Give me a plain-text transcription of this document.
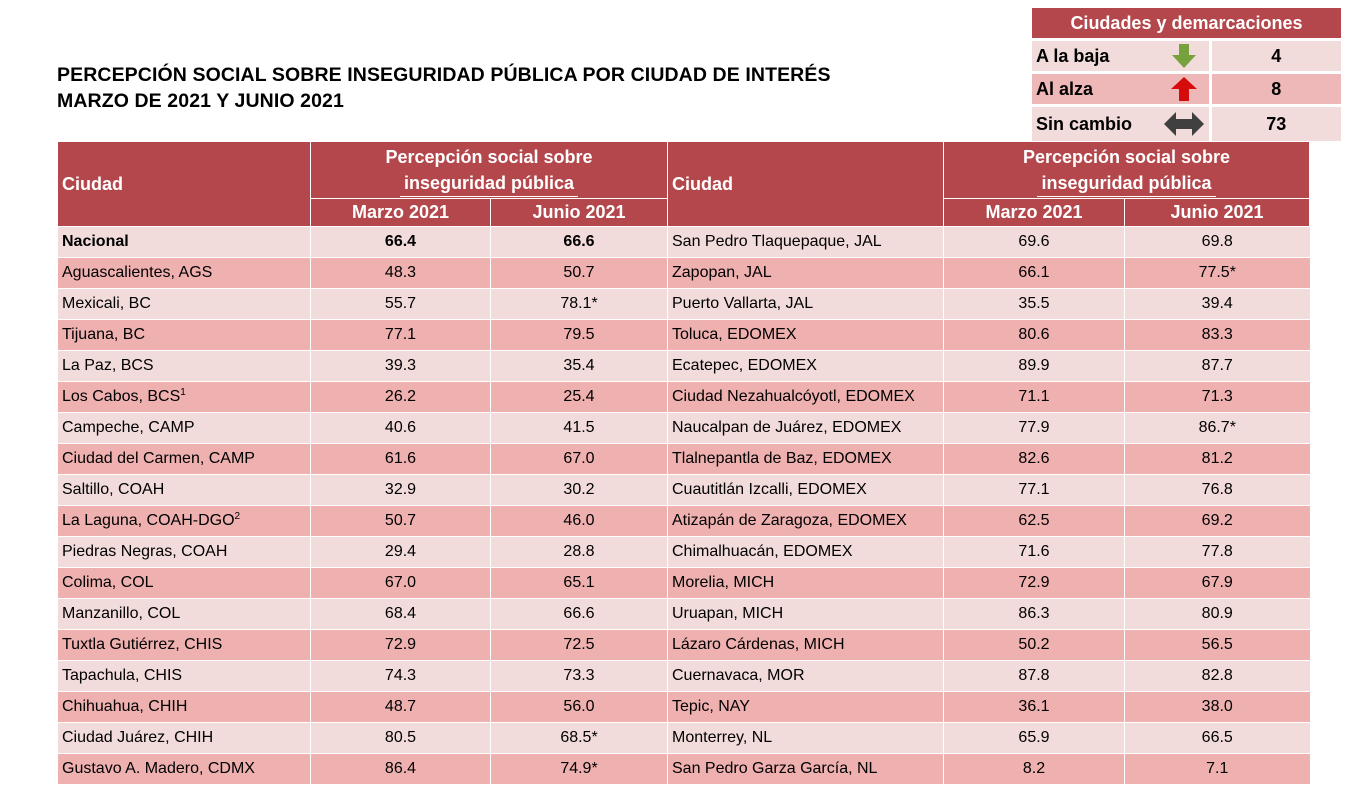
PERCEPCIÓN SOCIAL SOBRE INSEGURIDAD PÚBLICA POR CIUDAD DE INTERÉS
MARZO DE 2021 Y JUNIO 2021
Ciudades y demarcaciones		
A la baja		4
Al alza		8
Sin cambio		73
Ciudad	Percepción social sobre
inseguridad pública		Ciudad	Percepción social sobre
inseguridad pública	
	Marzo 2021	Junio 2021		Marzo 2021	Junio 2021
Nacional	66.4	66.6	San Pedro Tlaquepaque, JAL	69.6	69.8
Aguascalientes, AGS	48.3	50.7	Zapopan, JAL	66.1	77.5*
Mexicali, BC	55.7	78.1*	Puerto Vallarta, JAL	35.5	39.4
Tijuana, BC	77.1	79.5	Toluca, EDOMEX	80.6	83.3
La Paz, BCS	39.3	35.4	Ecatepec, EDOMEX	89.9	87.7
Los Cabos, BCS$^1$	26.2	25.4	Ciudad Nezahualcóyotl, EDOMEX	71.1	71.3
Campeche, CAMP	40.6	41.5	Naucalpan de Juárez, EDOMEX	77.9	86.7*
Ciudad del Carmen, CAMP	61.6	67.0	Tlalnepantla de Baz, EDOMEX	82.6	81.2
Saltillo, COAH	32.9	30.2	Cuautitlán Izcalli, EDOMEX	77.1	76.8
La Laguna, COAH-DGO$^2$	50.7	46.0	Atizapán de Zaragoza, EDOMEX	62.5	69.2
Piedras Negras, COAH	29.4	28.8	Chimalhuacán, EDOMEX	71.6	77.8
Colima, COL	67.0	65.1	Morelia, MICH	72.9	67.9
Manzanillo, COL	68.4	66.6	Uruapan, MICH	86.3	80.9
Tuxtla Gutiérrez, CHIS	72.9	72.5	Lázaro Cárdenas, MICH	50.2	56.5
Tapachula, CHIS	74.3	73.3	Cuernavaca, MOR	87.8	82.8
Chihuahua, CHIH	48.7	56.0	Tepic, NAY	36.1	38.0
Ciudad Juárez, CHIH	80.5	68.5*	Monterrey, NL	65.9	66.5
Gustavo A. Madero, CDMX	86.4	74.9*	San Pedro Garza García, NL	8.2	7.1
